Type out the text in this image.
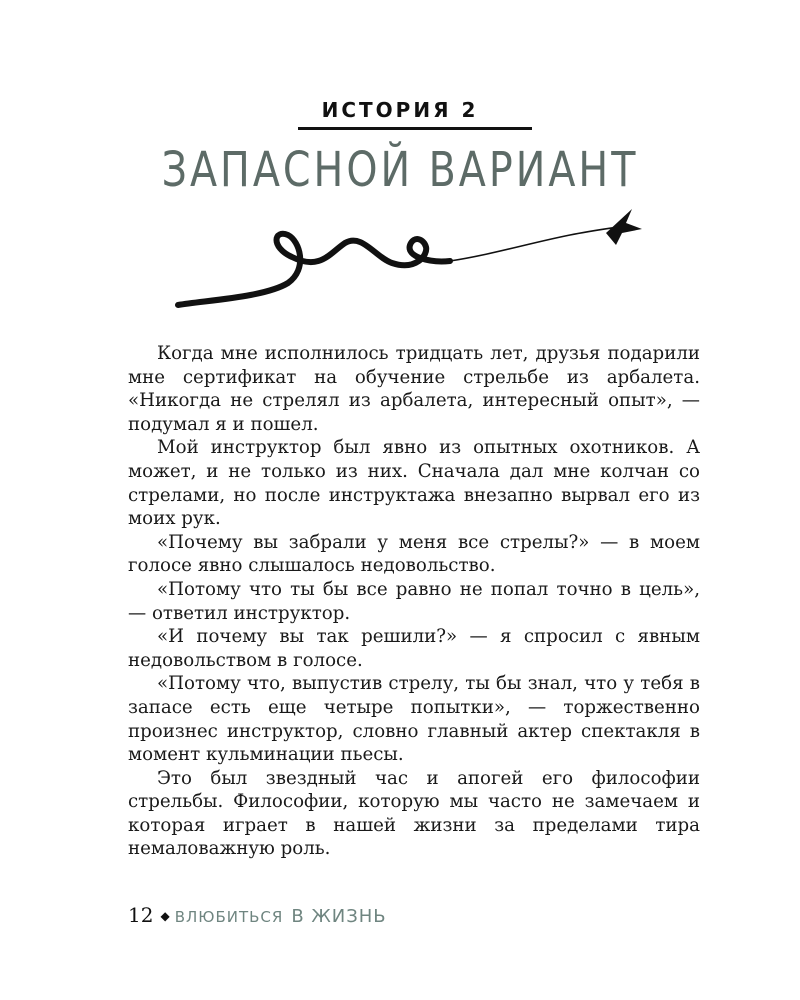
ИСТОРИЯ 2
ЗАПАСНОЙ ВАРИАНТ

Когда мне исполнилось тридцать лет, друзья подарили мне сертификат на обучение стрельбе из арбалета. «Никогда не стрелял из арбалета, интересный опыт», — подумал я и пошел.

Мой инструктор был явно из опытных охотников. А может, и не только из них. Сначала дал мне колчан со стрелами, но после инструктажа внезапно вырвал его из моих рук.

«Почему вы забрали у меня все стрелы?» — в моем голосе явно слышалось недовольство.

«Потому что ты бы все равно не попал точно в цель», — ответил инструктор.

«И почему вы так решили?» — я спросил с явным недовольством в голосе.

«Потому что, выпустив стрелу, ты бы знал, что у тебя в запасе есть еще четыре попытки», — торжественно произнес инструктор, словно главный актер спектакля в момент кульминации пьесы.

Это был звездный час и апогей его философии стрельбы. Философии, которую мы часто не замечаем и которая играет в нашей жизни за пределами тира немаловажную роль.

12 ◆ ВЛЮБИТЬСЯ В ЖИЗНЬ
